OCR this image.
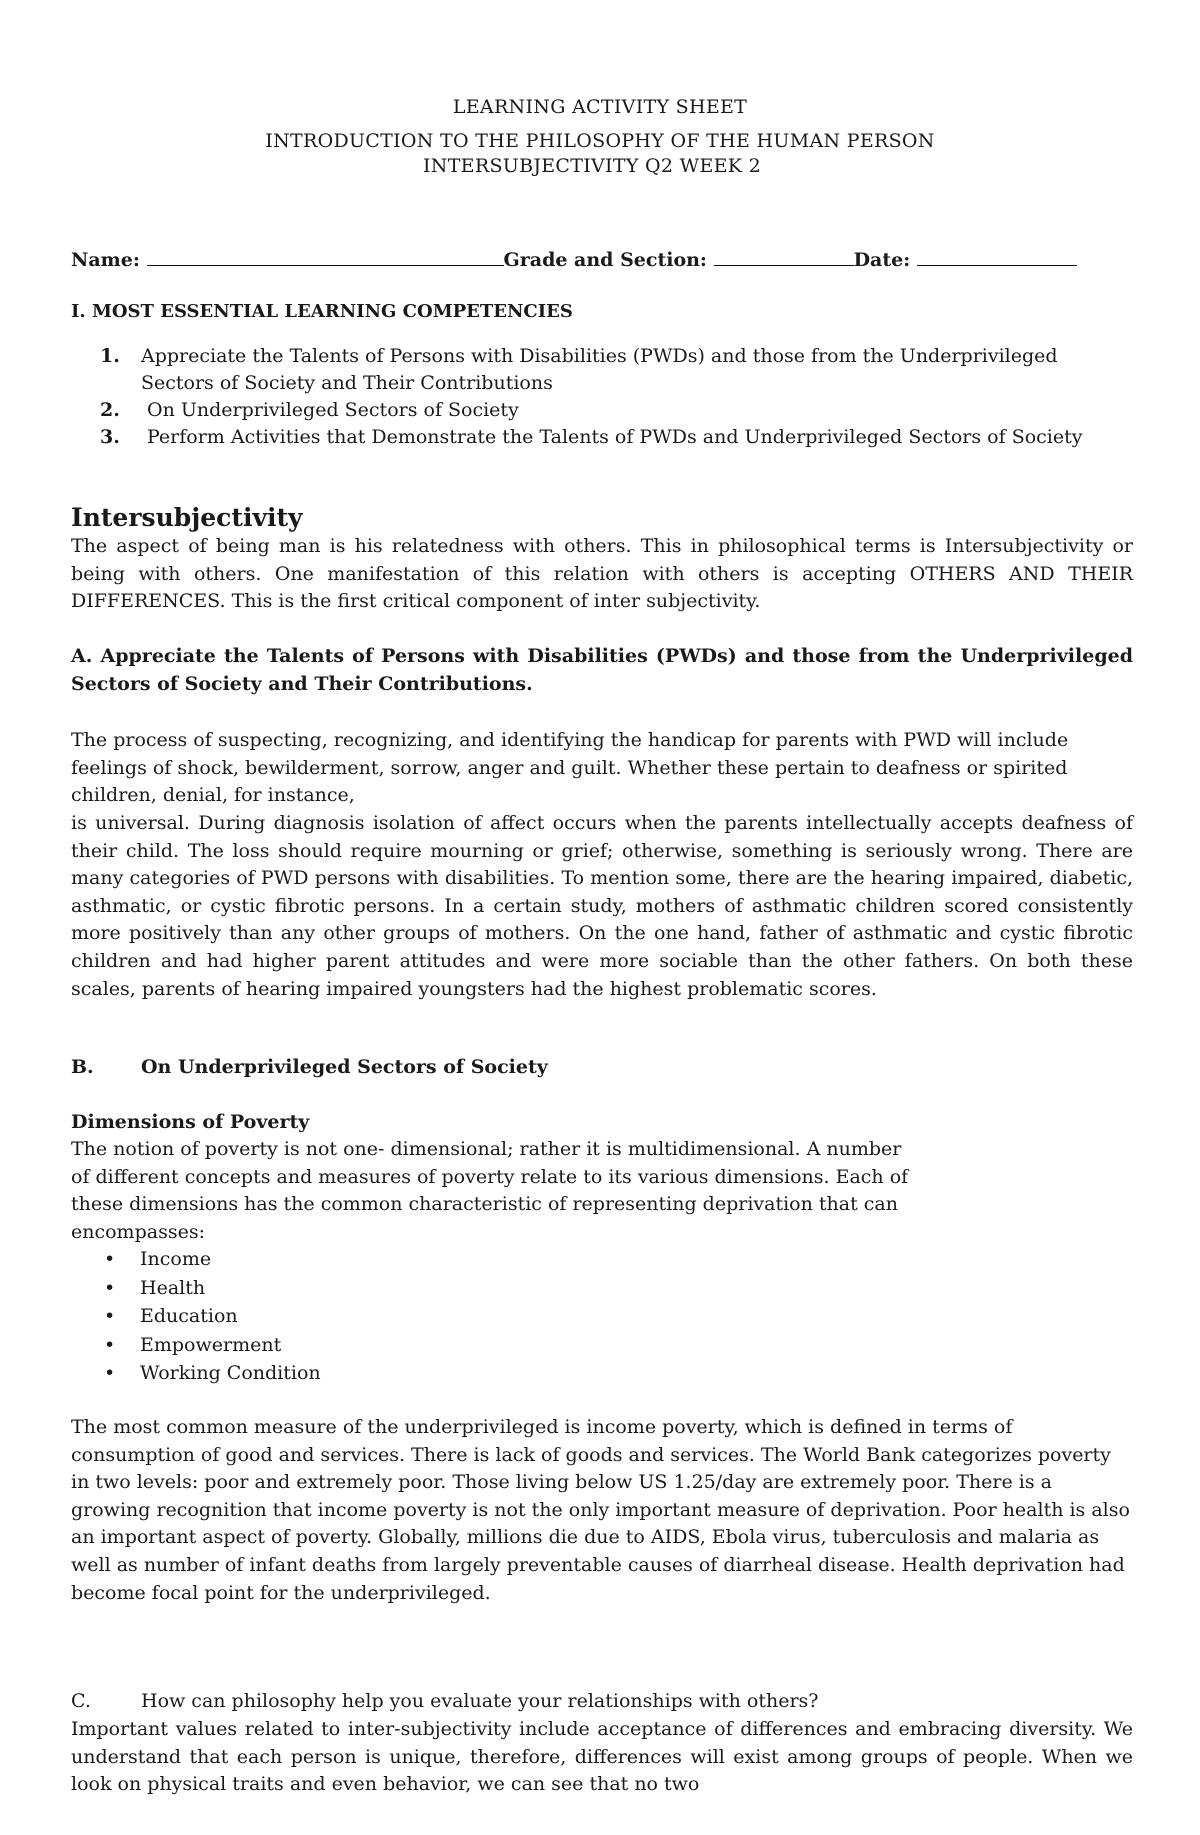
LEARNING ACTIVITY SHEET
INTRODUCTION TO THE PHILOSOPHY OF THE HUMAN PERSON
INTERSUBJECTIVITY Q2 WEEK 2
Name:	Grade and Section:	Date:
I. MOST ESSENTIAL LEARNING COMPETENCIES
1. Appreciate the Talents of Persons with Disabilities (PWDs) and those from the Underprivileged Sectors of Society and Their Contributions
2. On Underprivileged Sectors of Society
3. Perform Activities that Demonstrate the Talents of PWDs and Underprivileged Sectors of Society
Intersubjectivity

The aspect of being man is his relatedness with others. This in philosophical terms is Intersubjectivity or being with others. One manifestation of this relation with others is accepting OTHERS AND THEIR DIFFERENCES. This is the first critical component of inter subjectivity.

A. Appreciate the Talents of Persons with Disabilities (PWDs) and those from the Underprivileged Sectors of Society and Their Contributions.

The process of suspecting, recognizing, and identifying the handicap for parents with PWD will include feelings of shock, bewilderment, sorrow, anger and guilt. Whether these pertain to deafness or spirited children, denial, for instance,

is universal. During diagnosis isolation of affect occurs when the parents intellectually accepts deafness of their child. The loss should require mourning or grief; otherwise, something is seriously wrong. There are many categories of PWD persons with disabilities. To mention some, there are the hearing impaired, diabetic, asthmatic, or cystic fibrotic persons. In a certain study, mothers of asthmatic children scored consistently more positively than any other groups of mothers. On the one hand, father of asthmatic and cystic fibrotic children and had higher parent attitudes and were more sociable than the other fathers. On both these scales, parents of hearing impaired youngsters had the highest problematic scores.

B. On Underprivileged Sectors of Society
Dimensions of Poverty

The notion of poverty is not one- dimensional; rather it is multidimensional. A number of different concepts and measures of poverty relate to its various dimensions. Each of these dimensions has the common characteristic of representing deprivation that can encompasses:

• Income
• Health
• Education
• Empowerment
• Working Condition

The most common measure of the underprivileged is income poverty, which is defined in terms of consumption of good and services. There is lack of goods and services. The World Bank categorizes poverty in two levels: poor and extremely poor. Those living below US 1.25/day are extremely poor. There is a growing recognition that income poverty is not the only important measure of deprivation. Poor health is also an important aspect of poverty. Globally, millions die due to AIDS, Ebola virus, tuberculosis and malaria as well as number of infant deaths from largely preventable causes of diarrheal disease. Health deprivation had become focal point for the underprivileged.

C.	How can philosophy help you evaluate your relationships with others?

Important values related to inter-subjectivity include acceptance of differences and embracing diversity. We understand that each person is unique, therefore, differences will exist among groups of people. When we look on physical traits and even behavior, we can see that no two
